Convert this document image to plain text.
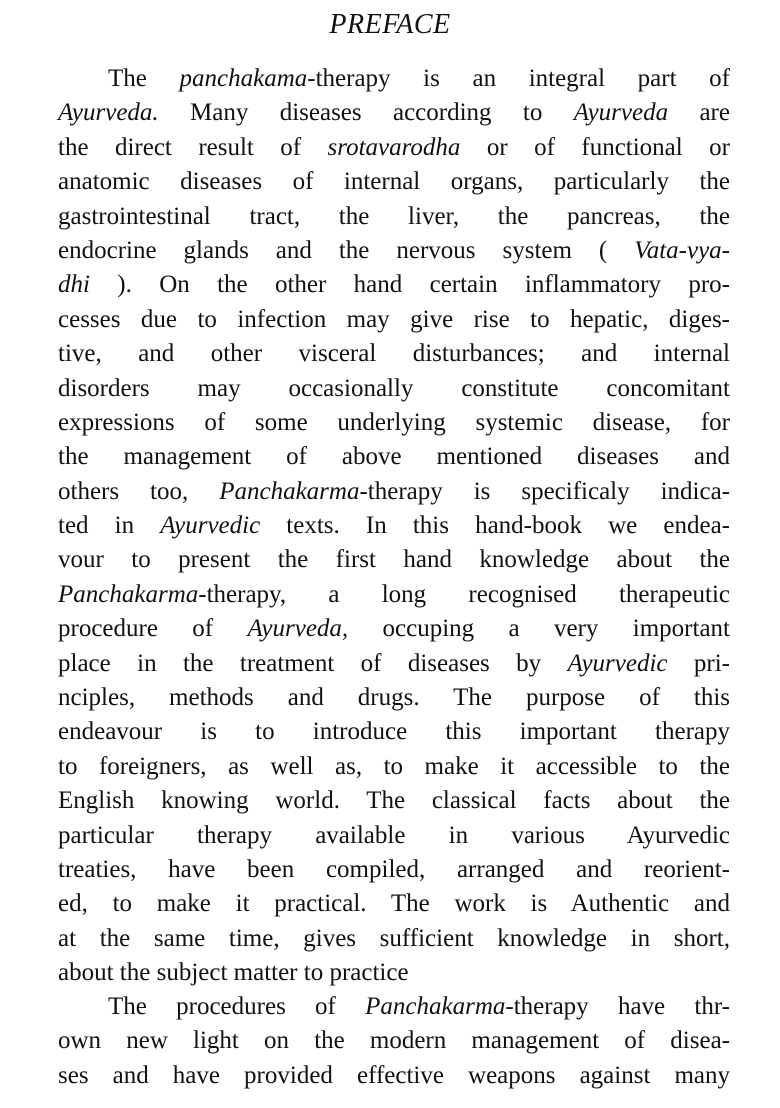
PREFACE
The panchakama-therapy is an integral part of
Ayurveda. Many diseases according to Ayurveda are
the direct result of srotavarodha or of functional or
anatomic diseases of internal organs, particularly the
gastrointestinal tract, the liver, the pancreas, the
endocrine glands and the nervous system ( Vata-vya-
dhi ). On the other hand certain inflammatory pro-
cesses due to infection may give rise to hepatic, diges-
tive, and other visceral disturbances; and internal
disorders may occasionally constitute concomitant
expressions of some underlying systemic disease, for
the management of above mentioned diseases and
others too, Panchakarma-therapy is specificaly indica-
ted in Ayurvedic texts. In this hand-book we endea-
vour to present the first hand knowledge about the
Panchakarma-therapy, a long recognised therapeutic
procedure of Ayurveda, occuping a very important
place in the treatment of diseases by Ayurvedic pri-
nciples, methods and drugs. The purpose of this
endeavour is to introduce this important therapy
to foreigners, as well as, to make it accessible to the
English knowing world. The classical facts about the
particular therapy available in various Ayurvedic
treaties, have been compiled, arranged and reorient-
ed, to make it practical. The work is Authentic and
at the same time, gives sufficient knowledge in short,
about the subject matter to practice
The procedures of Panchakarma-therapy have thr-
own new light on the modern management of disea-
ses and have provided effective weapons against many
